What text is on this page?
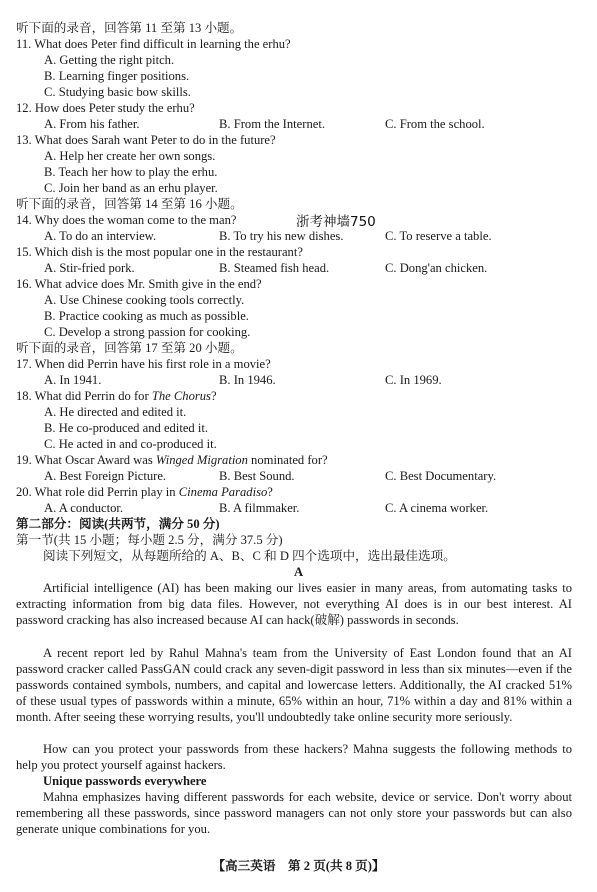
听下面的录音，回答第 11 至第 13 小题。
11. What does Peter find difficult in learning the erhu?
A. Getting the right pitch.
B. Learning finger positions.
C. Studying basic bow skills.
12. How does Peter study the erhu?
A. From his father.	B. From the Internet.	C. From the school.
13. What does Sarah want Peter to do in the future?
A. Help her create her own songs.
B. Teach her how to play the erhu.
C. Join her band as an erhu player.
听下面的录音，回答第 14 至第 16 小题。
14. Why does the woman come to the man?	浙考神墙750
A. To do an interview.	B. To try his new dishes.	C. To reserve a table.
15. Which dish is the most popular one in the restaurant?
A. Stir-fried pork.	B. Steamed fish head.	C. Dong'an chicken.
16. What advice does Mr. Smith give in the end?
A. Use Chinese cooking tools correctly.
B. Practice cooking as much as possible.
C. Develop a strong passion for cooking.
听下面的录音，回答第 17 至第 20 小题。
17. When did Perrin have his first role in a movie?
A. In 1941.	B. In 1946.	C. In 1969.
18. What did Perrin do for The Chorus?
A. He directed and edited it.
B. He co-produced and edited it.
C. He acted in and co-produced it.
19. What Oscar Award was Winged Migration nominated for?
A. Best Foreign Picture.	B. Best Sound.	C. Best Documentary.
20. What role did Perrin play in Cinema Paradiso?
A. A conductor.	B. A filmmaker.	C. A cinema worker.
第二部分：阅读(共两节，满分 50 分)
第一节(共 15 小题；每小题 2.5 分，满分 37.5 分)
阅读下列短文，从每题所给的 A、B、C 和 D 四个选项中，选出最佳选项。
A
Artificial intelligence (AI) has been making our lives easier in many areas, from automating tasks to extracting information from big data files. However, not everything AI does is in our best interest. AI password cracking has also increased because AI can hack(破解) passwords in seconds.
A recent report led by Rahul Mahna's team from the University of East London found that an AI password cracker called PassGAN could crack any seven-digit password in less than six minutes—even if the passwords contained symbols, numbers, and capital and lowercase letters. Additionally, the AI cracked 51% of these usual types of passwords within a minute, 65% within an hour, 71% within a day and 81% within a month. After seeing these worrying results, you'll undoubtedly take online security more seriously.
How can you protect your passwords from these hackers? Mahna suggests the following methods to help you protect yourself against hackers.
Unique passwords everywhere
Mahna emphasizes having different passwords for each website, device or service. Don't worry about remembering all these passwords, since password managers can not only store your passwords but can also generate unique combinations for you.
【高三英语　第 2 页(共 8 页)】
